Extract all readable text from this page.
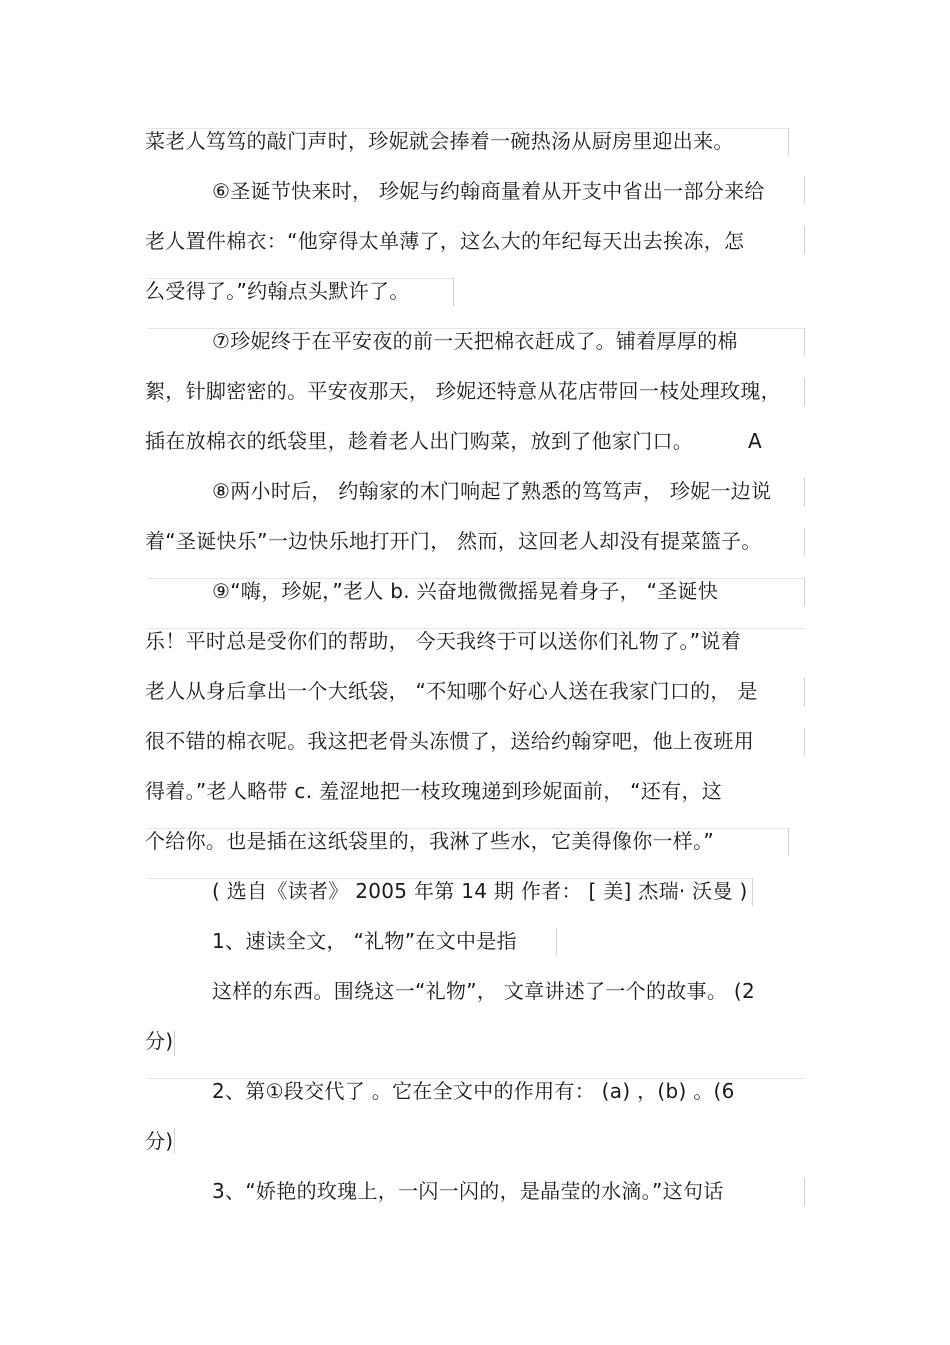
菜老人笃笃的敲门声时，珍妮就会捧着一碗热汤从厨房里迎出来。
⑥圣诞节快来时， 珍妮与约翰商量着从开支中省出一部分来给
老人置件棉衣：“他穿得太单薄了，这么大的年纪每天出去挨冻，怎
么受得了。”约翰点头默许了。
⑦珍妮终于在平安夜的前一天把棉衣赶成了。铺着厚厚的棉
絮，针脚密密的。平安夜那天， 珍妮还特意从花店带回一枝处理玫瑰，
插在放棉衣的纸袋里，趁着老人出门购菜，放到了他家门口。	A
⑧两小时后， 约翰家的木门响起了熟悉的笃笃声， 珍妮一边说
着“圣诞快乐”一边快乐地打开门， 然而，这回老人却没有提菜篮子。
⑨“嗨，珍妮，”老人 b. 兴奋地微微摇晃着身子， “圣诞快
乐！平时总是受你们的帮助， 今天我终于可以送你们礼物了。”说着
老人从身后拿出一个大纸袋， “不知哪个好心人送在我家门口的， 是
很不错的棉衣呢。我这把老骨头冻惯了，送给约翰穿吧，他上夜班用
得着。”老人略带 c. 羞涩地把一枝玫瑰递到珍妮面前， “还有，这
个给你。也是插在这纸袋里的，我淋了些水，它美得像你一样。”
( 选自《读者》 2005 年第 14 期 作者： [ 美] 杰瑞· 沃曼 )
1、速读全文， “礼物”在文中是指
这样的东西。围绕这一“礼物”， 文章讲述了一个的故事。 (2
分)
2、第①段交代了 。它在全文中的作用有： (a) ，(b) 。(6
分)
3、“娇艳的玫瑰上，一闪一闪的，是晶莹的水滴。”这句话
